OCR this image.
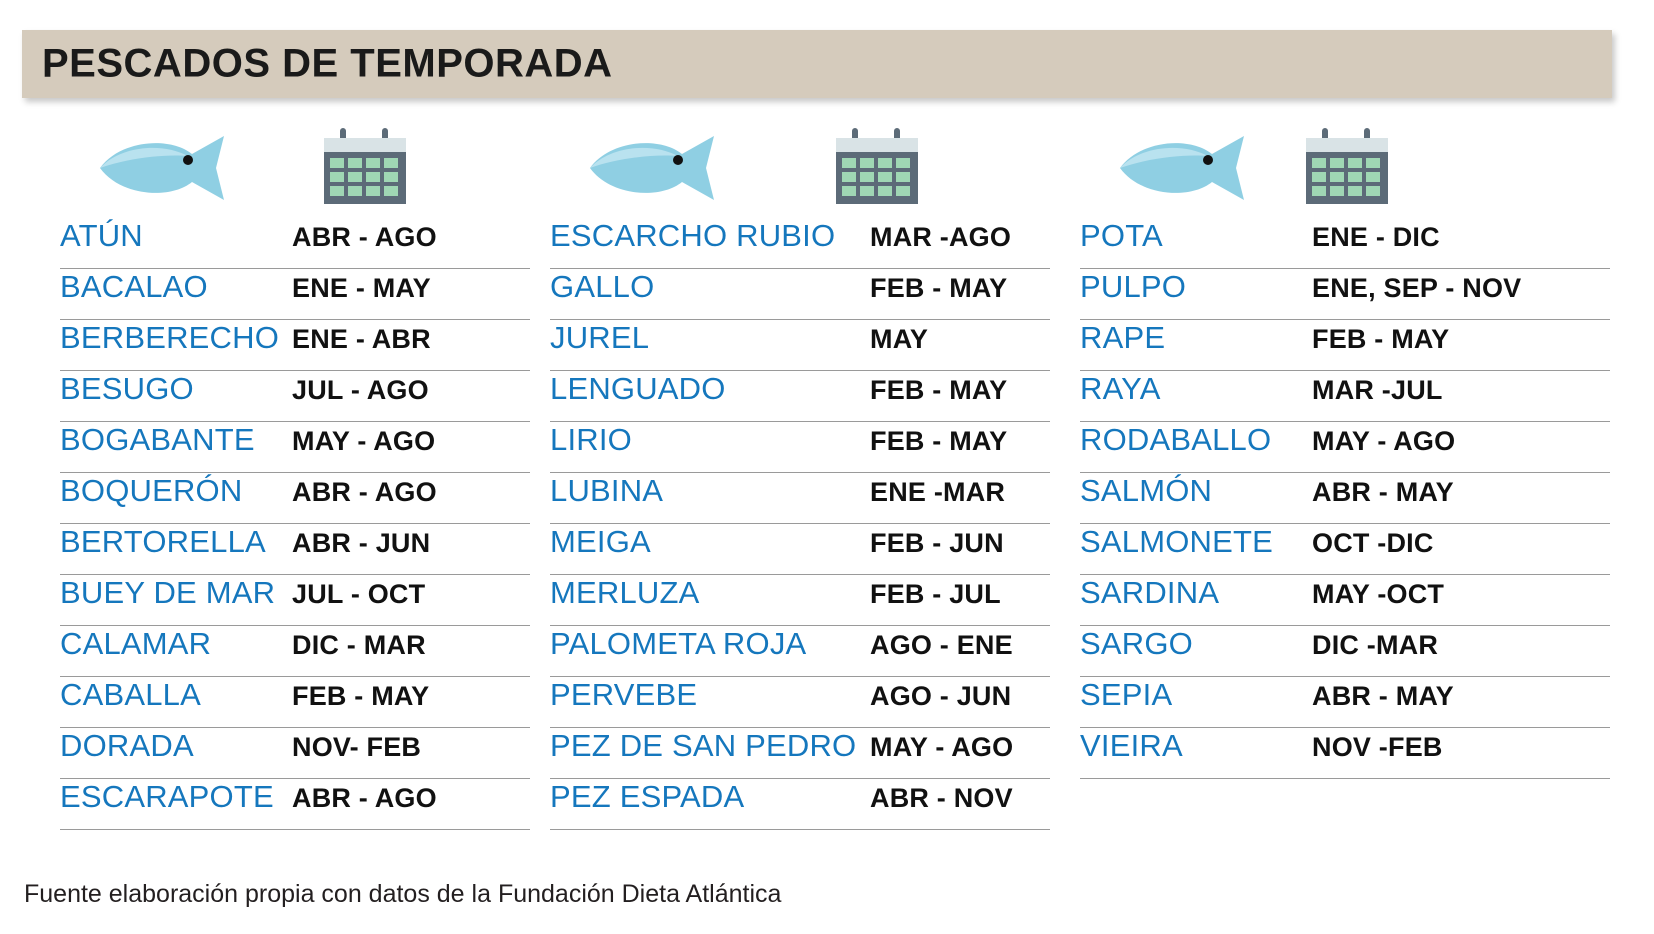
PESCADOS DE TEMPORADA
ATÚN	ABR - AGO
BACALAO	ENE - MAY
BERBERECHO ENE - ABR
BESUGO	JUL - AGO
BOGABANTE	MAY - AGO
BOQUERÓN	ABR - AGO
BERTORELLA ABR - JUN
BUEY DE MAR JUL - OCT
CALAMAR	DIC - MAR
CABALLA	FEB - MAY
DORADA	NOV- FEB
ESCARAPOTE ABR - AGO
ESCARCHO RUBIO	MAR -AGO
GALLO	FEB - MAY
JUREL	MAY
LENGUADO	FEB - MAY
LIRIO	FEB - MAY
LUBINA	ENE -MAR
MEIGA	FEB - JUN
MERLUZA	FEB - JUL
PALOMETA ROJA	AGO - ENE
PERVEBE	AGO - JUN
PEZ DE SAN PEDRO MAY - AGO
PEZ ESPADA	ABR - NOV
POTA	ENE - DIC
PULPO	ENE, SEP - NOV
RAPE	FEB - MAY
RAYA	MAR -JUL
RODABALLO	MAY - AGO
SALMÓN	ABR - MAY
SALMONETE	OCT -DIC
SARDINA	MAY -OCT
SARGO	DIC -MAR
SEPIA	ABR - MAY
VIEIRA	NOV -FEB
Fuente elaboración propia con datos de la Fundación Dieta Atlántica
